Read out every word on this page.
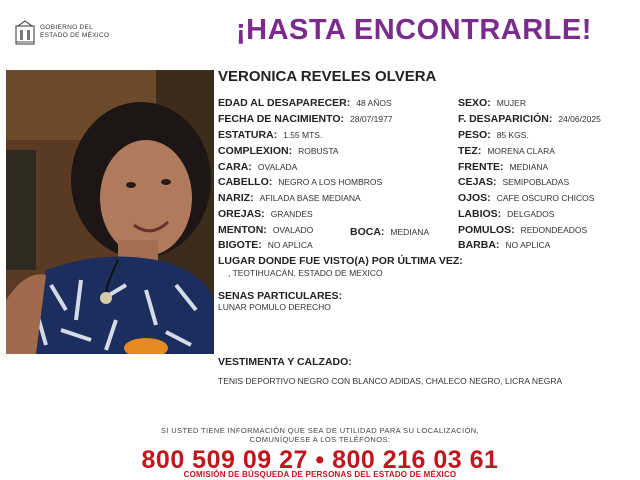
GOBIERNO DEL
ESTADO DE MÉXICO	¡HASTA ENCONTRARLE!
VERONICA REVELES OLVERA
EDAD AL DESAPARECER: 48 AÑOS
FECHA DE NACIMIENTO: 28/07/1977
ESTATURA: 1.55 MTS.
COMPLEXION: ROBUSTA
CARA: OVALADA
CABELLO: NEGRO A LOS HOMBROS
NARIZ: AFILADA BASE MEDIANA
OREJAS: GRANDES
MENTON: OVALADO	BOCA: MEDIANA
BIGOTE: NO APLICA
SEXO: MUJER
F. DESAPARICIÓN: 24/06/2025
PESO: 85 KGS.
TEZ: MORENA CLARA
FRENTE: MEDIANA
CEJAS: SEMIPOBLADAS
OJOS: CAFE OSCURO CHICOS
LABIOS: DELGADOS
POMULOS: REDONDEADOS
BARBA: NO APLICA
LUGAR DONDE FUE VISTO(A) POR ÚLTIMA VEZ:
, TEOTIHUACÁN, ESTADO DE MEXICO
SENAS PARTICULARES:
LUNAR POMULO DERECHO
VESTIMENTA Y CALZADO:
TENIS DEPORTIVO NEGRO CON BLANCO ADIDAS, CHALECO NEGRO, LICRA NEGRA
SI USTED TIENE INFORMACIÓN QUE SEA DE UTILIDAD PARA SU LOCALIZACIÓN,
COMUNÍQUESE A LOS TELÉFONOS:
800 509 09 27 • 800 216 03 61
COMISIÓN DE BÚSQUEDA DE PERSONAS DEL ESTADO DE MÉXICO
